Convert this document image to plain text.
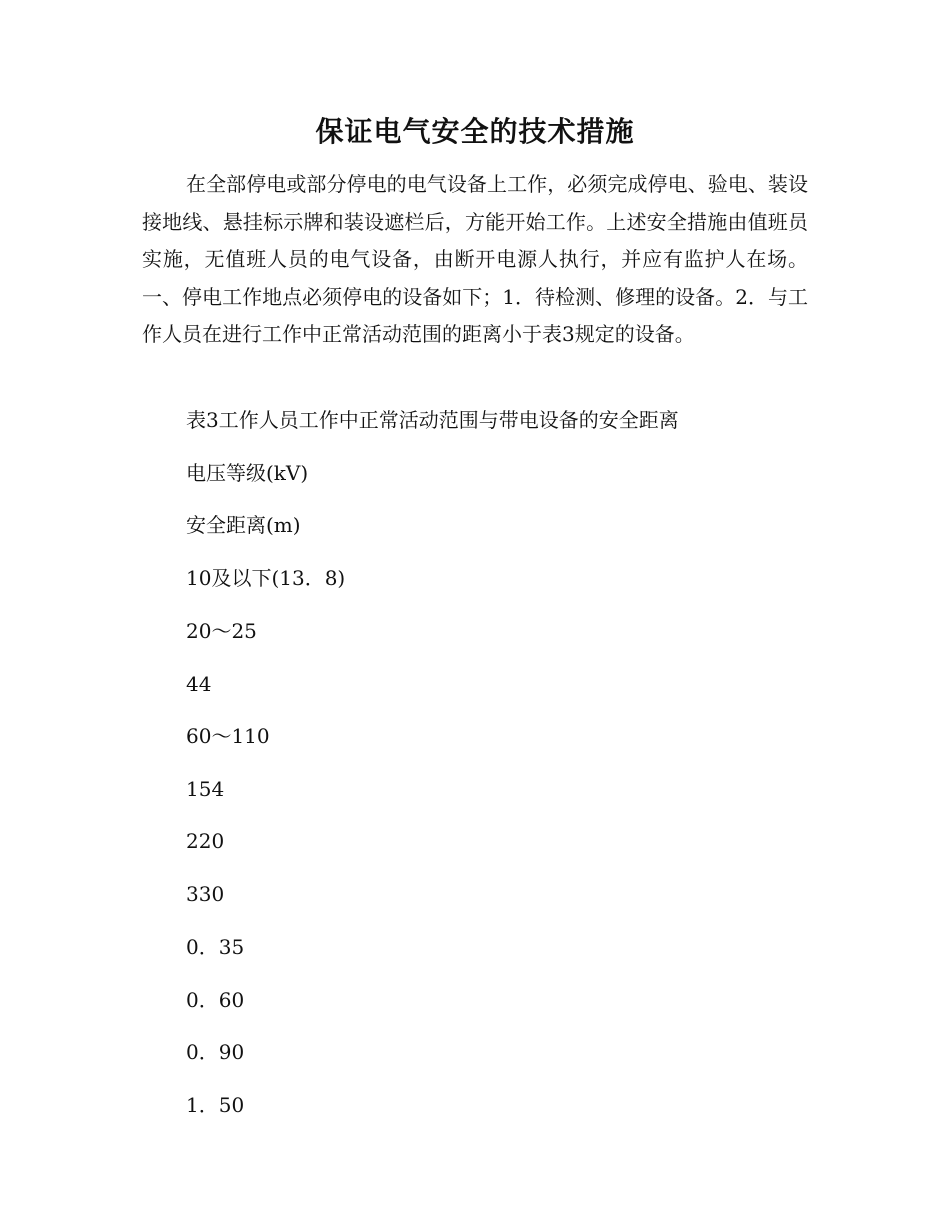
保证电气安全的技术措施

在全部停电或部分停电的电气设备上工作，必须完成停电、验电、装设接地线、悬挂标示牌和装设遮栏后，方能开始工作。上述安全措施由值班员实施，无值班人员的电气设备，由断开电源人执行，并应有监护人在场。 一、停电工作地点必须停电的设备如下；1．待检测、修理的设备。2．与工作人员在进行工作中正常活动范围的距离小于表3规定的设备。

表3工作人员工作中正常活动范围与带电设备的安全距离

电压等级(kV)

安全距离(m)

10及以下(13．8)

20～25

44

60～110

154

220

330

0．35

0．60

0．90

1．50
